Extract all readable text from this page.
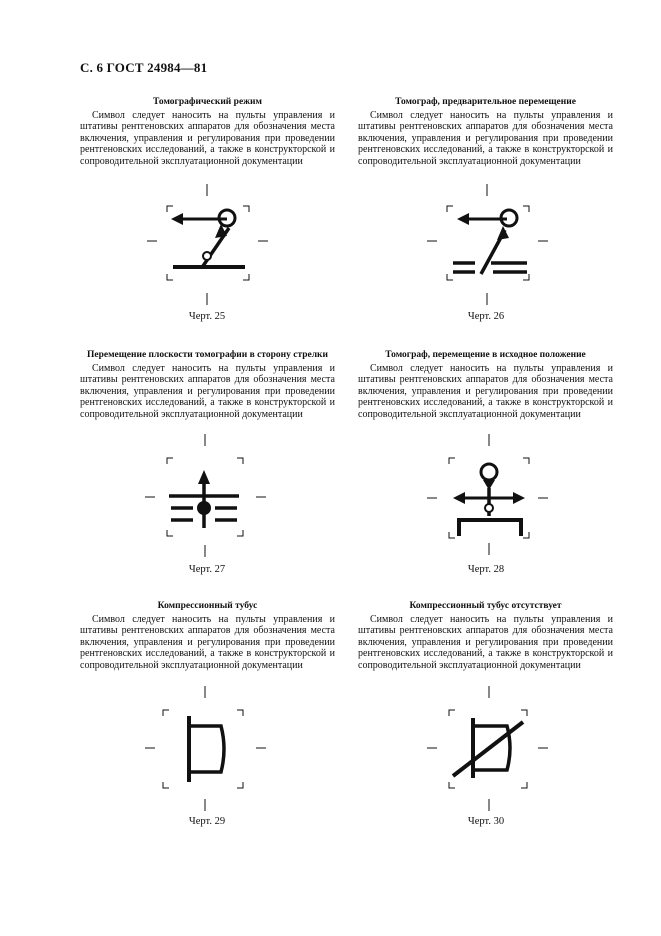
С. 6 ГОСТ 24984—81
Томографический режим

Символ следует наносить на пульты управления и штативы рентгеновских аппаратов для обозначения места включения, управления и регулирования при проведении рентгеновских исследований, а также в конструкторской и сопроводительной эксплуатационной документации

Черт. 25
Томограф, предварительное перемещение

Символ следует наносить на пульты управления и штативы рентгеновских аппаратов для обозначения места включения, управления и регулирования при проведении рентгеновских исследований, а также в конструкторской и сопроводительной эксплуатационной документации

Черт. 26
Перемещение плоскости томографии в сторону стрелки

Символ следует наносить на пульты управления и штативы рентгеновских аппаратов для обозначения места включения, управления и регулирования при проведении рентгеновских исследований, а также в конструкторской и сопроводительной эксплуатационной документации

Черт. 27
Томограф, перемещение в исходное положение

Символ следует наносить на пульты управления и штативы рентгеновских аппаратов для обозначения места включения, управления и регулирования при проведении рентгеновских исследований, а также в конструкторской и сопроводительной эксплуатационной документации

Черт. 28
Компрессионный тубус

Символ следует наносить на пульты управления и штативы рентгеновских аппаратов для обозначения места включения, управления и регулирования при проведении рентгеновских исследований, а также в конструкторской и сопроводительной эксплуатационной документации

Черт. 29
Компрессионный тубус отсутствует

Символ следует наносить на пульты управления и штативы рентгеновских аппаратов для обозначения места включения, управления и регулирования при проведении рентгеновских исследований, а также в конструкторской и сопроводительной эксплуатационной документации

Черт. 30
